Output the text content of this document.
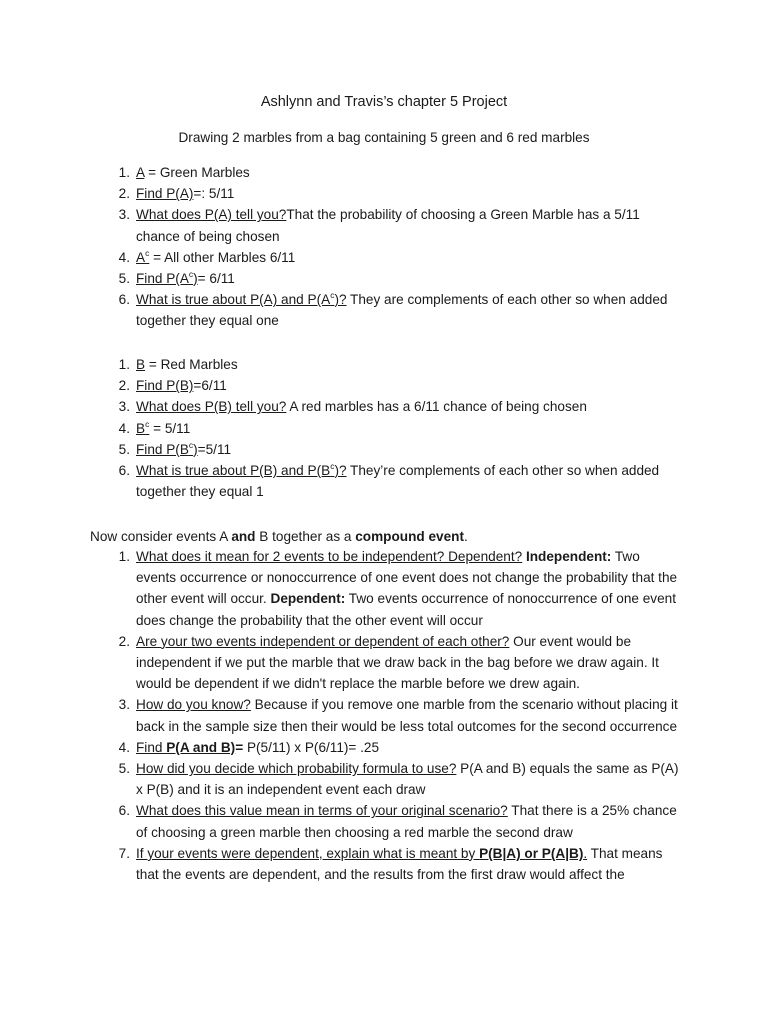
Ashlynn and Travis’s chapter 5 Project
Drawing 2 marbles from a bag containing 5 green and 6 red marbles
1. A = Green Marbles
2. Find P(A)=: 5/11
3. What does P(A) tell you?That the probability of choosing a Green Marble has a 5/11 chance of being chosen
4. $A^c$ = All other Marbles 6/11
5. Find $P(A^c)= 6/11$
6. What is true about P(A) and $P(A^c)$? They are complements of each other so when added together they equal one
1. B = Red Marbles
2. Find P(B)=6/11
3. What does P(B) tell you? A red marbles has a 6/11 chance of being chosen
4. $B^c = 5/11$
5. Find $P(B^c)=5/11$
6. What is true about P(B) and $P(B^c)$? They’re complements of each other so when added together they equal 1
Now consider events A and B together as a compound event.
1. What does it mean for 2 events to be independent? Dependent? Independent: Two events occurrence or nonoccurrence of one event does not change the probability that the other event will occur. Dependent: Two events occurrence of nonoccurrence of one event does change the probability that the other event will occur
2. Are your two events independent or dependent of each other? Our event would be independent if we put the marble that we draw back in the bag before we draw again. It would be dependent if we didn't replace the marble before we drew again.
3. How do you know? Because if you remove one marble from the scenario without placing it back in the sample size then their would be less total outcomes for the second occurrence
4. Find P(A and B)= P(5/11) x P(6/11)= .25
5. How did you decide which probability formula to use? P(A and B) equals the same as P(A) x P(B) and it is an independent event each draw
6. What does this value mean in terms of your original scenario? That there is a 25% chance of choosing a green marble then choosing a red marble the second draw
7. If your events were dependent, explain what is meant by P(B|A) or P(A|B). That means that the events are dependent, and the results from the first draw would affect the
